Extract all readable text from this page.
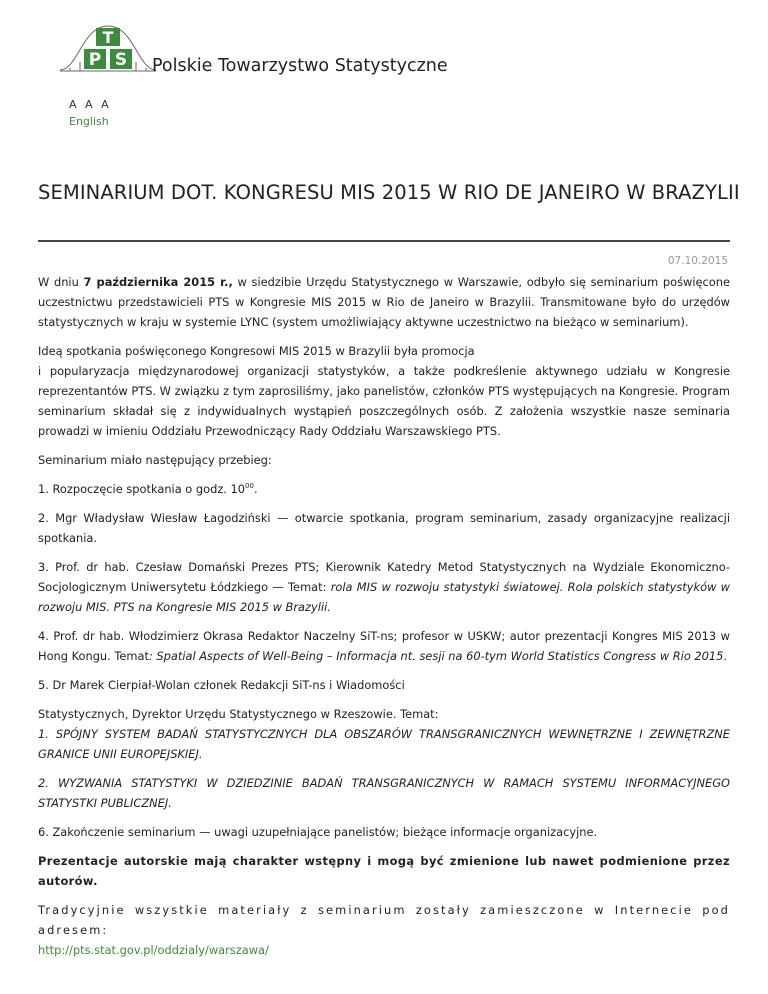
T
P S Polskie Towarzystwo Statystyczne
A A A
English
SEMINARIUM DOT. KONGRESU MIS 2015 W RIO DE JANEIRO W BRAZYLII
07.10.2015

W dniu 7 października 2015 r., w siedzibie Urzędu Statystycznego w Warszawie, odbyło się seminarium poświęcone uczestnictwu przedstawicieli PTS w Kongresie MIS 2015 w Rio de Janeiro w Brazylii. Transmitowane było do urzędów statystycznych w kraju w systemie LYNC (system umożliwiający aktywne uczestnictwo na bieżąco w seminarium).

Ideą spotkania poświęconego Kongresowi MIS 2015 w Brazylii była promocja
i popularyzacja międzynarodowej organizacji statystyków, a także podkreślenie aktywnego udziału w Kongresie reprezentantów PTS. W związku z tym zaprosiliśmy, jako panelistów, członków PTS występujących na Kongresie. Program seminarium składał się z indywidualnych wystąpień poszczególnych osób. Z założenia wszystkie nasze seminaria prowadzi w imieniu Oddziału Przewodniczący Rady Oddziału Warszawskiego PTS.

Seminarium miało następujący przebieg:

1. Rozpoczęcie spotkania o godz. $10^{00}$.

2. Mgr Władysław Wiesław Łagodziński — otwarcie spotkania, program seminarium, zasady organizacyjne realizacji spotkania.

3. Prof. dr hab. Czesław Domański Prezes PTS; Kierownik Katedry Metod Statystycznych na Wydziale Ekonomiczno-Socjologicznym Uniwersytetu Łódzkiego — Temat: rola MIS w rozwoju statystyki światowej. Rola polskich statystyków w rozwoju MIS. PTS na Kongresie MIS 2015 w Brazylii.

4. Prof. dr hab. Włodzimierz Okrasa Redaktor Naczelny SiT-ns; profesor w USKW; autor prezentacji Kongres MIS 2013 w Hong Kongu. Temat: Spatial Aspects of Well-Being – Informacja nt. sesji na 60-tym World Statistics Congress w Rio 2015.

5. Dr Marek Cierpiał-Wolan członek Redakcji SiT-ns i Wiadomości

Statystycznych, Dyrektor Urzędu Statystycznego w Rzeszowie. Temat:

1. SPÓJNY SYSTEM BADAŃ STATYSTYCZNYCH DLA OBSZARÓW TRANSGRANICZNYCH WEWNĘTRZNE I ZEWNĘTRZNE GRANICE UNII EUROPEJSKIEJ.

2. WYZWANIA STATYSTYKI W DZIEDZINIE BADAŃ TRANSGRANICZNYCH W RAMACH SYSTEMU INFORMACYJNEGO STATYSTKI PUBLICZNEJ.

6. Zakończenie seminarium — uwagi uzupełniające panelistów; bieżące informacje organizacyjne.

Prezentacje autorskie mają charakter wstępny i mogą być zmienione lub nawet podmienione przez autorów.

Tradycyjnie wszystkie materiały z seminarium zostały zamieszczone w Internecie pod adresem:

http://pts.stat.gov.pl/oddzialy/warszawa/
